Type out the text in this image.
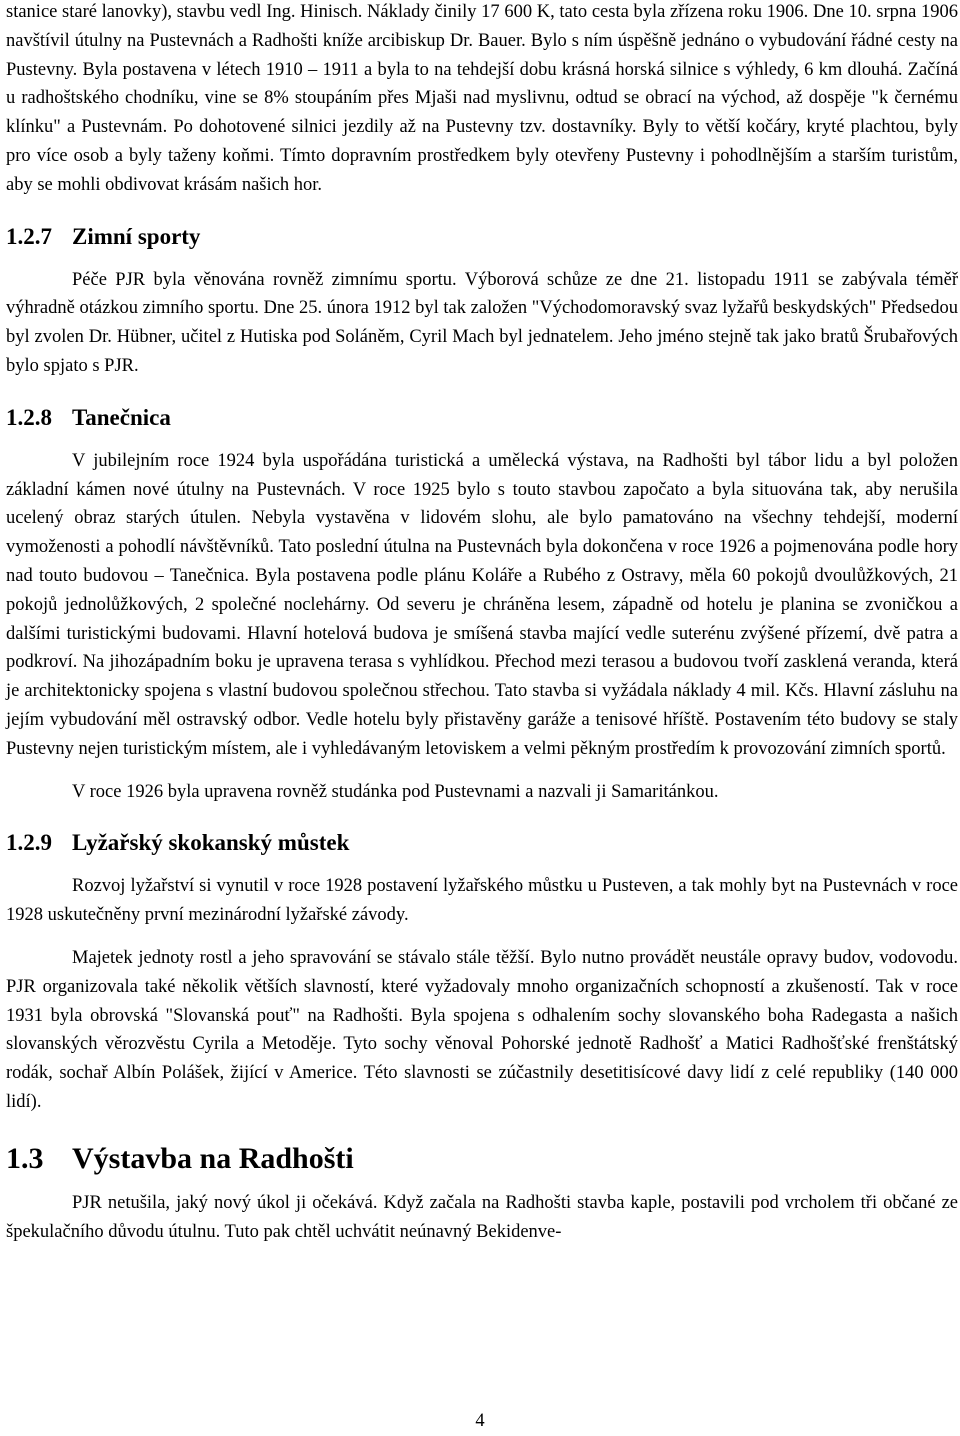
stanice staré lanovky), stavbu vedl Ing. Hinisch. Náklady činily 17 600 K, tato cesta byla zřízena roku 1906. Dne 10. srpna 1906 navštívil útulny na Pustevnách a Radhošti kníže arcibiskup Dr. Bauer. Bylo s ním úspěšně jednáno o vybudování řádné cesty na Pustevny. Byla postavena v létech 1910 – 1911 a byla to na tehdejší dobu krásná horská silnice s výhledy, 6 km dlouhá. Začíná u radhoštského chodníku, vine se 8% stoupáním přes Mjaši nad myslivnu, odtud se obrací na východ, až dospěje "k černému klínku" a Pustevnám. Po dohotovené silnici jezdily až na Pustevny tzv. dostavníky. Byly to větší kočáry, kryté plachtou, byly pro více osob a byly taženy koňmi. Tímto dopravním prostředkem byly otevřeny Pustevny i pohodlnějším a starším turistům, aby se mohli obdivovat krásám našich hor.

1.2.7 Zimní sporty

Péče PJR byla věnována rovněž zimnímu sportu. Výborová schůze ze dne 21. listopadu 1911 se zabývala téměř výhradně otázkou zimního sportu. Dne 25. února 1912 byl tak založen "Východomoravský svaz lyžařů beskydských" Předsedou byl zvolen Dr. Hübner, učitel z Hutiska pod Soláněm, Cyril Mach byl jednatelem. Jeho jméno stejně tak jako bratů Šrubařových bylo spjato s PJR.

1.2.8 Tanečnica

V jubilejním roce 1924 byla uspořádána turistická a umělecká výstava, na Radhošti byl tábor lidu a byl položen základní kámen nové útulny na Pustevnách. V roce 1925 bylo s touto stavbou započato a byla situována tak, aby nerušila ucelený obraz starých útulen. Nebyla vystavěna v lidovém slohu, ale bylo pamatováno na všechny tehdejší, moderní vymoženosti a pohodlí návštěvníků. Tato poslední útulna na Pustevnách byla dokončena v roce 1926 a pojmenována podle hory nad touto budovou – Tanečnica. Byla postavena podle plánu Koláře a Rubého z Ostravy, měla 60 pokojů dvoulůžkových, 21 pokojů jednolůžkových, 2 společné noclehárny. Od severu je chráněna lesem, západně od hotelu je planina se zvoničkou a dalšími turistickými budovami. Hlavní hotelová budova je smíšená stavba mající vedle suterénu zvýšené přízemí, dvě patra a podkroví. Na jihozápadním boku je upravena terasa s vyhlídkou. Přechod mezi terasou a budovou tvoří zasklená veranda, která je architektonicky spojena s vlastní budovou společnou střechou. Tato stavba si vyžádala náklady 4 mil. Kčs. Hlavní zásluhu na jejím vybudování měl ostravský odbor. Vedle hotelu byly přistavěny garáže a tenisové hříště. Postavením této budovy se staly Pustevny nejen turistickým místem, ale i vyhledávaným letoviskem a velmi pěkným prostředím k provozování zimních sportů.

V roce 1926 byla upravena rovněž studánka pod Pustevnami a nazvali ji Samaritánkou.

1.2.9 Lyžařský skokanský můstek

Rozvoj lyžařství si vynutil v roce 1928 postavení lyžařského můstku u Pusteven, a tak mohly byt na Pustevnách v roce 1928 uskutečněny první mezinárodní lyžařské závody.

Majetek jednoty rostl a jeho spravování se stávalo stále těžší. Bylo nutno provádět neustále opravy budov, vodovodu. PJR organizovala také několik větších slavností, které vyžadovaly mnoho organizačních schopností a zkušeností. Tak v roce 1931 byla obrovská "Slovanská pouť" na Radhošti. Byla spojena s odhalením sochy slovanského boha Radegasta a našich slovanských věrozvěstu Cyrila a Metoděje. Tyto sochy věnoval Pohorské jednotě Radhošť a Matici Radhošťské frenštátský rodák, sochař Albín Polášek, žijící v Americe. Této slavnosti se zúčastnily desetitisícové davy lidí z celé republiky (140 000 lidí).

1.3 Výstavba na Radhošti

PJR netušila, jaký nový úkol ji očekává. Když začala na Radhošti stavba kaple, postavili pod vrcholem tři občané ze špekulačního důvodu útulnu. Tuto pak chtěl uchvátit neúnavný Bekidenve-

4
